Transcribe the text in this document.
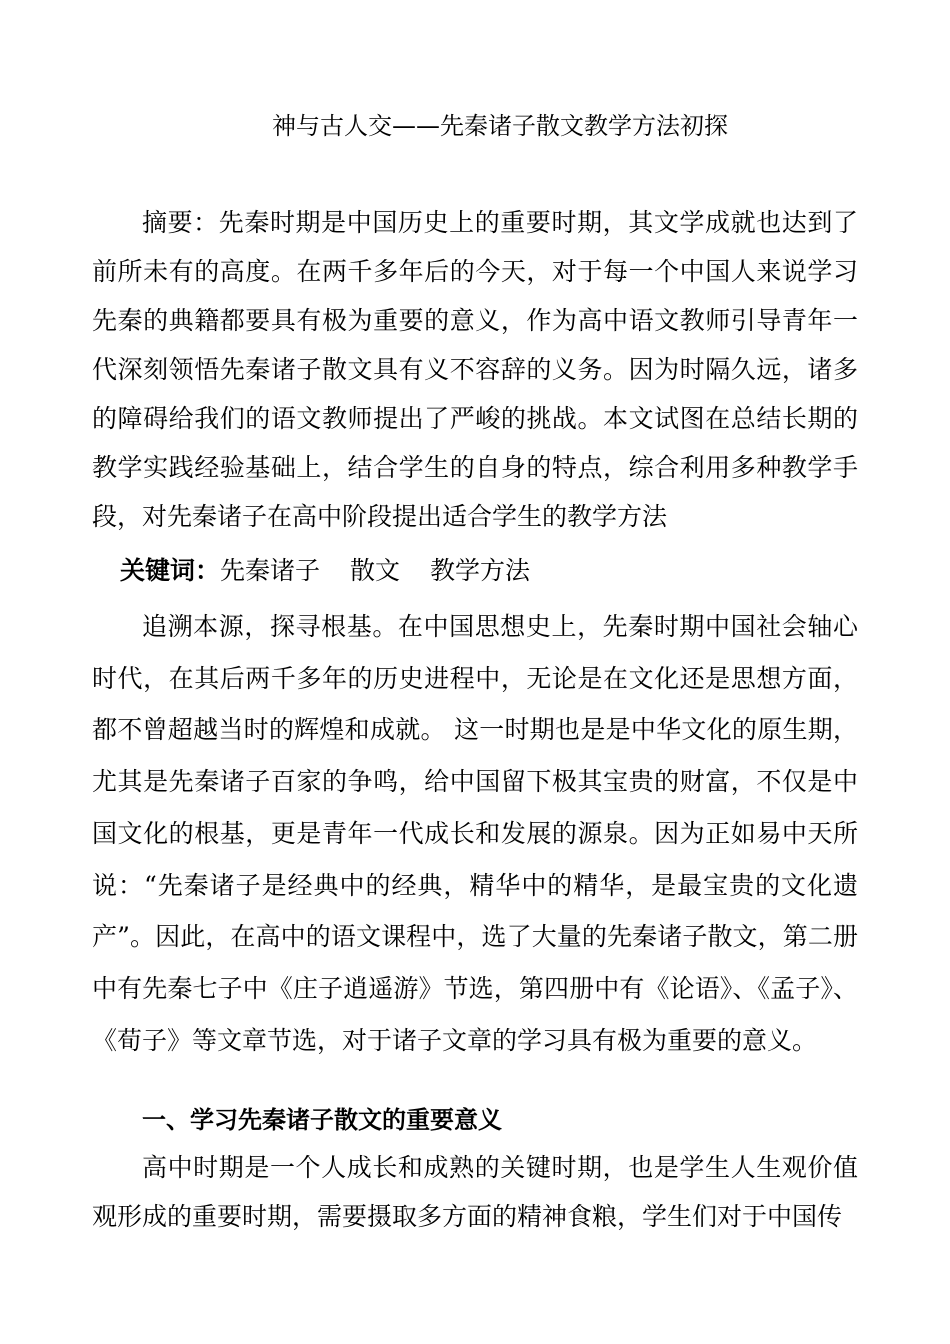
神与古人交——先秦诸子散文教学方法初探

摘要：先秦时期是中国历史上的重要时期，其文学成就也达到了前所未有的高度。在两千多年后的今天，对于每一个中国人来说学习先秦的典籍都要具有极为重要的意义，作为高中语文教师引导青年一代深刻领悟先秦诸子散文具有义不容辞的义务。因为时隔久远，诸多的障碍给我们的语文教师提出了严峻的挑战。本文试图在总结长期的教学实践经验基础上，结合学生的自身的特点，综合利用多种教学手段，对先秦诸子在高中阶段提出适合学生的教学方法

关键词：先秦诸子 散文 教学方法

追溯本源，探寻根基。在中国思想史上，先秦时期中国社会轴心时代，在其后两千多年的历史进程中，无论是在文化还是思想方面，都不曾超越当时的辉煌和成就。 这一时期也是是中华文化的原生期，尤其是先秦诸子百家的争鸣，给中国留下极其宝贵的财富，不仅是中国文化的根基，更是青年一代成长和发展的源泉。因为正如易中天所说：“先秦诸子是经典中的经典，精华中的精华，是最宝贵的文化遗产”。因此，在高中的语文课程中，选了大量的先秦诸子散文，第二册中有先秦七子中《庄子逍遥游》节选，第四册中有《论语》、《孟子》、《荀子》等文章节选，对于诸子文章的学习具有极为重要的意义。

一、学习先秦诸子散文的重要意义

高中时期是一个人成长和成熟的关键时期，也是学生人生观价值观形成的重要时期，需要摄取多方面的精神食粮，学生们对于中国传
